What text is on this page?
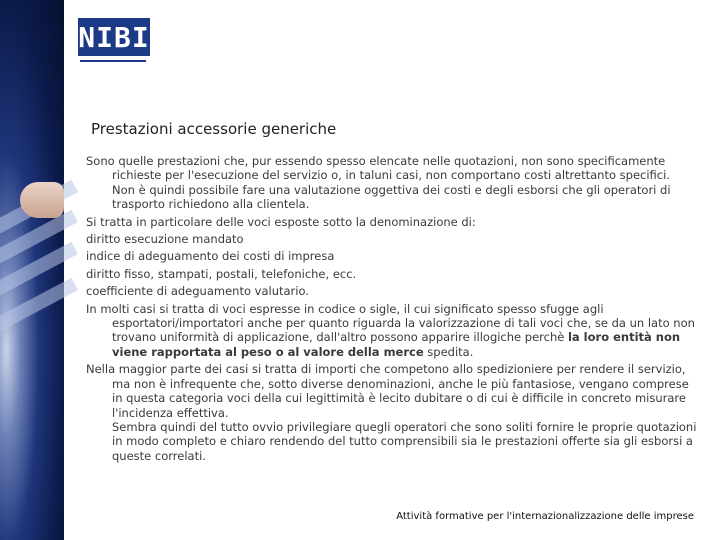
NIBI
Prestazioni accessorie generiche

Sono quelle prestazioni che, pur essendo spesso elencate nelle quotazioni, non sono specificamente richieste per l'esecuzione del servizio o, in taluni casi, non comportano costi altrettanto specifici.
Non è quindi possibile fare una valutazione oggettiva dei costi e degli esborsi che gli operatori di trasporto richiedono alla clientela.

Si tratta in particolare delle voci esposte sotto la denominazione di:

diritto esecuzione mandato

indice di adeguamento dei costi di impresa

diritto fisso, stampati, postali, telefoniche, ecc.

coefficiente di adeguamento valutario.

In molti casi si tratta di voci espresse in codice o sigle, il cui significato spesso sfugge agli esportatori/importatori anche per quanto riguarda la valorizzazione di tali voci che, se da un lato non trovano uniformità di applicazione, dall'altro possono apparire illogiche perchè la loro entità non viene rapportata al peso o al valore della merce spedita.

Nella maggior parte dei casi si tratta di importi che competono allo spedizioniere per rendere il servizio, ma non è infrequente che, sotto diverse denominazioni, anche le più fantasiose, vengano comprese in questa categoria voci della cui legittimità è lecito dubitare o di cui è difficile in concreto misurare l'incidenza effettiva.
Sembra quindi del tutto ovvio privilegiare quegli operatori che sono soliti fornire le proprie quotazioni in modo completo e chiaro rendendo del tutto comprensibili sia le prestazioni offerte sia gli esborsi a queste correlati.

Attività formative per l'internazionalizzazione delle imprese
